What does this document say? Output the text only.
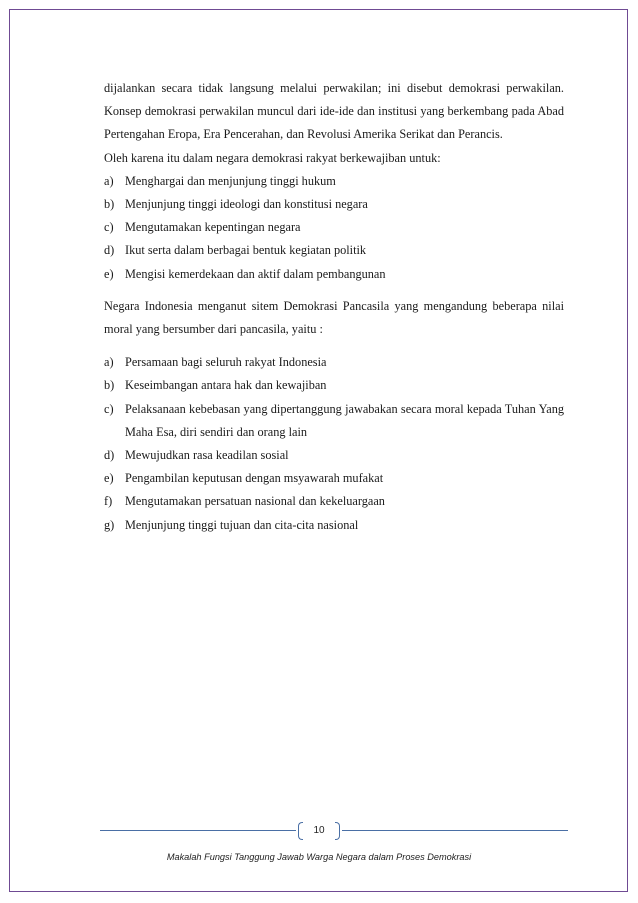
dijalankan secara tidak langsung melalui perwakilan; ini disebut demokrasi perwakilan. Konsep demokrasi perwakilan muncul dari ide-ide dan institusi yang berkembang pada Abad Pertengahan Eropa, Era Pencerahan, dan Revolusi Amerika Serikat dan Perancis.

Oleh karena itu dalam negara demokrasi rakyat berkewajiban untuk:

a) Menghargai dan menjunjung tinggi hukum
b) Menjunjung tinggi ideologi dan konstitusi negara
c) Mengutamakan kepentingan negara
d) Ikut serta dalam berbagai bentuk kegiatan politik
e) Mengisi kemerdekaan dan aktif dalam pembangunan

Negara Indonesia menganut sitem Demokrasi Pancasila yang mengandung beberapa nilai moral yang bersumber dari pancasila, yaitu :

a) Persamaan bagi seluruh rakyat Indonesia
b) Keseimbangan antara hak dan kewajiban
c) Pelaksanaan kebebasan yang dipertanggung jawabakan secara moral kepada Tuhan Yang Maha Esa, diri sendiri dan orang lain
d) Mewujudkan rasa keadilan sosial
e) Pengambilan keputusan dengan msyawarah mufakat
f)	Mengutamakan persatuan nasional dan kekeluargaan
g) Menjunjung tinggi tujuan dan cita-cita nasional
10
Makalah Fungsi Tanggung Jawab Warga Negara dalam Proses Demokrasi
